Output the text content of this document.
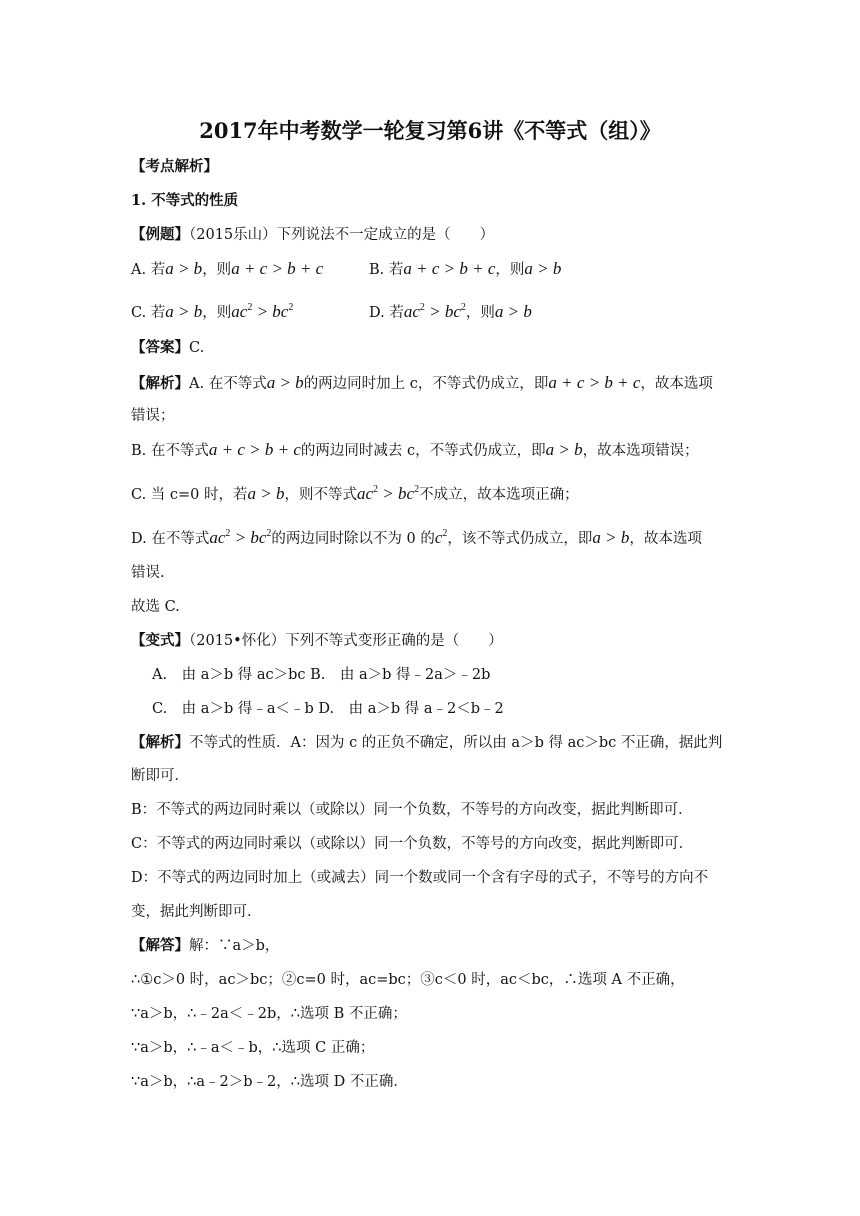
2017年中考数学一轮复习第6讲《不等式（组）》
【考点解析】
1. 不等式的性质
【例题】（2015乐山）下列说法不一定成立的是（　　）
A. 若a > b，则a + c > b + c	B. 若a + c > b + c，则a > b
C. 若a > b，则$ac^2 > bc^2$	D. 若$ac^2 > bc^2$，则a > b
【答案】C.
【解析】A. 在不等式a > b的两边同时加上 c，不等式仍成立，即a + c > b + c，故本选项
错误；
B. 在不等式a + c > b + c的两边同时减去 c，不等式仍成立，即a > b，故本选项错误；
C. 当 c=0 时，若a > b，则不等式$ac^2 > bc^2$不成立，故本选项正确；
D. 在不等式$ac^2 > bc^2$的两边同时除以不为 0 的$c^2$，该不等式仍成立，即a > b，故本选项
错误.
故选 C.
【变式】（2015•怀化）下列不等式变形正确的是（　　）
A.　由 a＞b 得 ac＞bc B.　由 a＞b 得﹣2a＞﹣2b
C.　由 a＞b 得﹣a＜﹣b D.　由 a＞b 得 a﹣2＜b﹣2
【解析】不等式的性质．A：因为 c 的正负不确定，所以由 a＞b 得 ac＞bc 不正确，据此判
断即可．
B：不等式的两边同时乘以（或除以）同一个负数，不等号的方向改变，据此判断即可．
C：不等式的两边同时乘以（或除以）同一个负数，不等号的方向改变，据此判断即可．
D：不等式的两边同时加上（或减去）同一个数或同一个含有字母的式子，不等号的方向不
变，据此判断即可．
【解答】解：∵a＞b，
∴①c＞0 时，ac＞bc；②c=0 时，ac=bc；③c＜0 时，ac＜bc，∴选项 A 不正确，
∵a＞b，∴﹣2a＜﹣2b，∴选项 B 不正确；
∵a＞b，∴﹣a＜﹣b，∴选项 C 正确；
∵a＞b，∴a﹣2＞b﹣2，∴选项 D 不正确．
